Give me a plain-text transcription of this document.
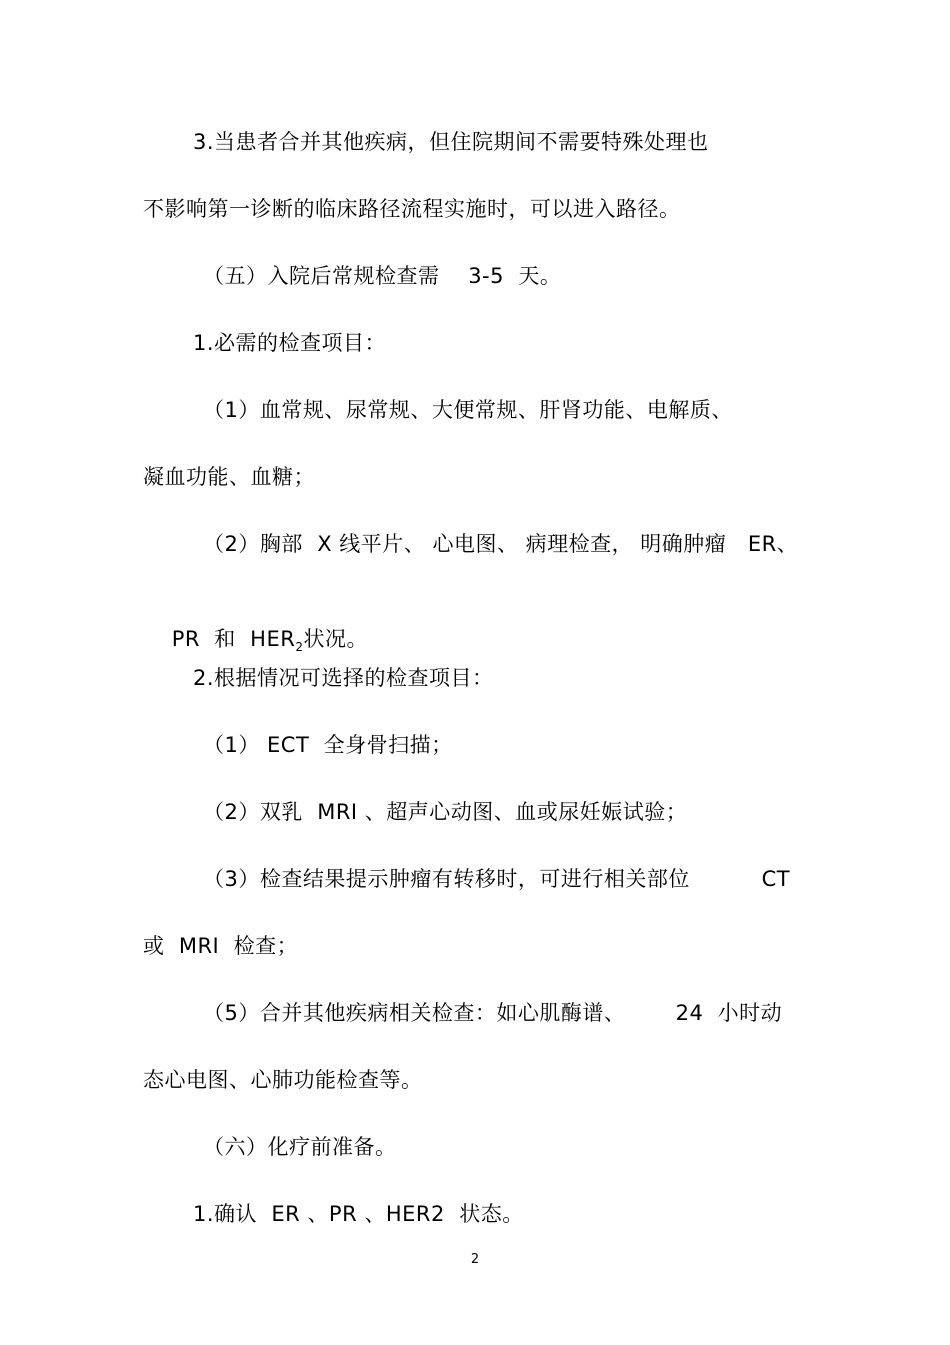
3.当患者合并其他疾病，但住院期间不需要特殊处理也
不影响第一诊断的临床路径流程实施时，可以进入路径。
（五）入院后常规检查需    3-5  天。
1.必需的检查项目：
（1）血常规、尿常规、大便常规、肝肾功能、电解质、
凝血功能、血糖；
（2）胸部  X 线平片、 心电图、 病理检查， 明确肿瘤   ER、

PR  和  $HER_2$状况。

2.根据情况可选择的检查项目：
（1） ECT  全身骨扫描；
（2）双乳  MRI 、超声心动图、血或尿妊娠试验；
（3）检查结果提示肿瘤有转移时，可进行相关部位          CT
或  MRI  检查；
（5）合并其他疾病相关检查：如心肌酶谱、       24  小时动
态心电图、心肺功能检查等。
（六）化疗前准备。
1.确认  ER 、PR 、HER2  状态。
2
